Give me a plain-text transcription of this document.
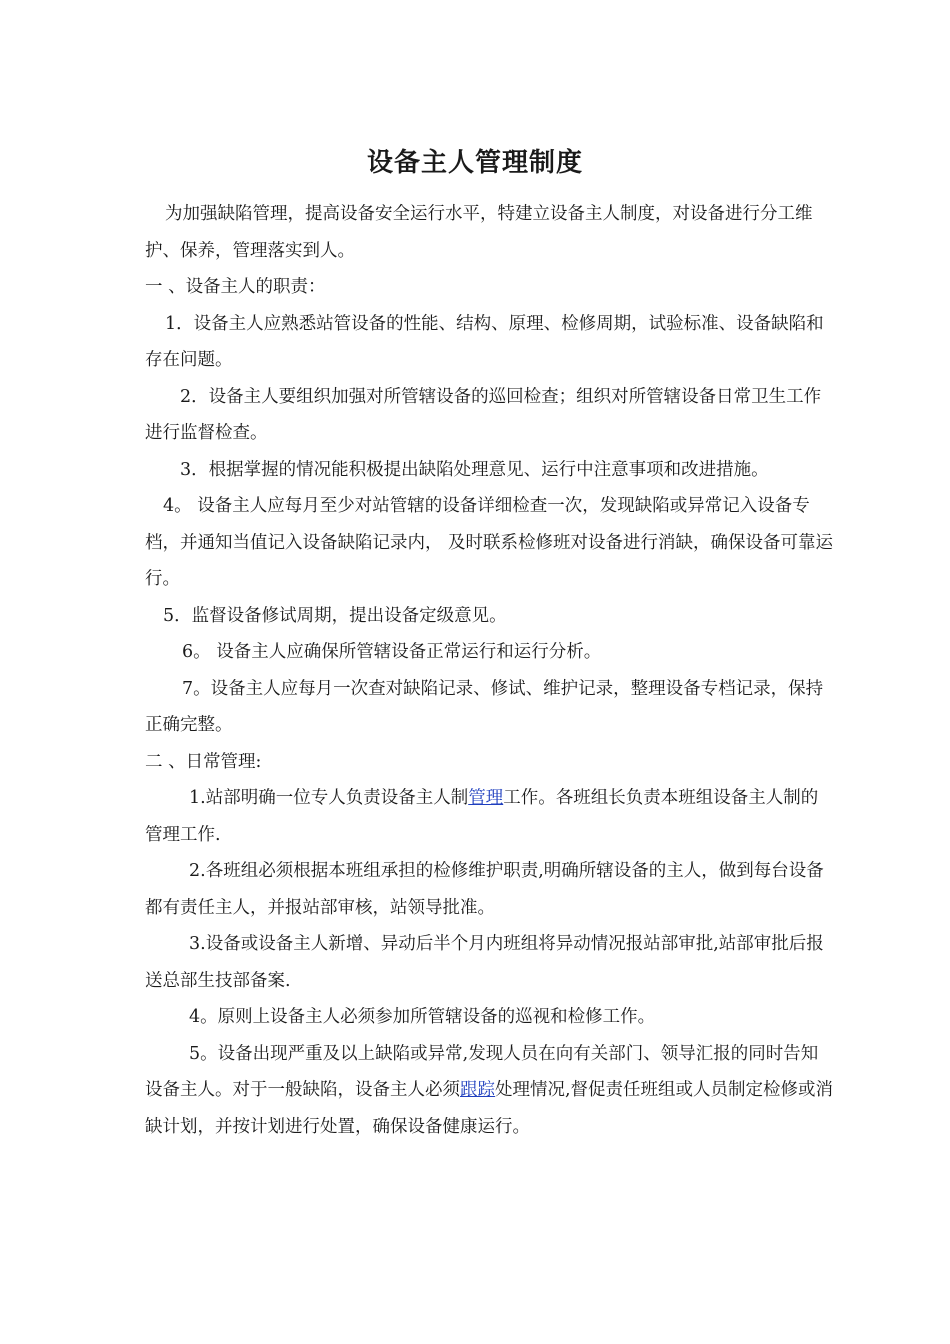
设备主人管理制度

为加强缺陷管理，提高设备安全运行水平，特建立设备主人制度，对设备进行分工维护、保养，管理落实到人。

一 、设备主人的职责：

1．设备主人应熟悉站管设备的性能、结构、原理、检修周期，试验标准、设备缺陷和存在问题。

2．设备主人要组织加强对所管辖设备的巡回检查；组织对所管辖设备日常卫生工作进行监督检查。

3．根据掌握的情况能积极提出缺陷处理意见、运行中注意事项和改进措施。

4。 设备主人应每月至少对站管辖的设备详细检查一次，发现缺陷或异常记入设备专档，并通知当值记入设备缺陷记录内， 及时联系检修班对设备进行消缺，确保设备可靠运行。

5．监督设备修试周期，提出设备定级意见。

6。 设备主人应确保所管辖设备正常运行和运行分析。

7。设备主人应每月一次查对缺陷记录、修试、维护记录，整理设备专档记录，保持正确完整。

二 、日常管理:

1.站部明确一位专人负责设备主人制管理工作。各班组长负责本班组设备主人制的管理工作.

2.各班组必须根据本班组承担的检修维护职责,明确所辖设备的主人，做到每台设备都有责任主人，并报站部审核，站领导批准。

3.设备或设备主人新增、异动后半个月内班组将异动情况报站部审批,站部审批后报送总部生技部备案.

4。原则上设备主人必须参加所管辖设备的巡视和检修工作。

5。设备出现严重及以上缺陷或异常,发现人员在向有关部门、领导汇报的同时告知设备主人。对于一般缺陷，设备主人必须跟踪处理情况,督促责任班组或人员制定检修或消缺计划，并按计划进行处置，确保设备健康运行。
